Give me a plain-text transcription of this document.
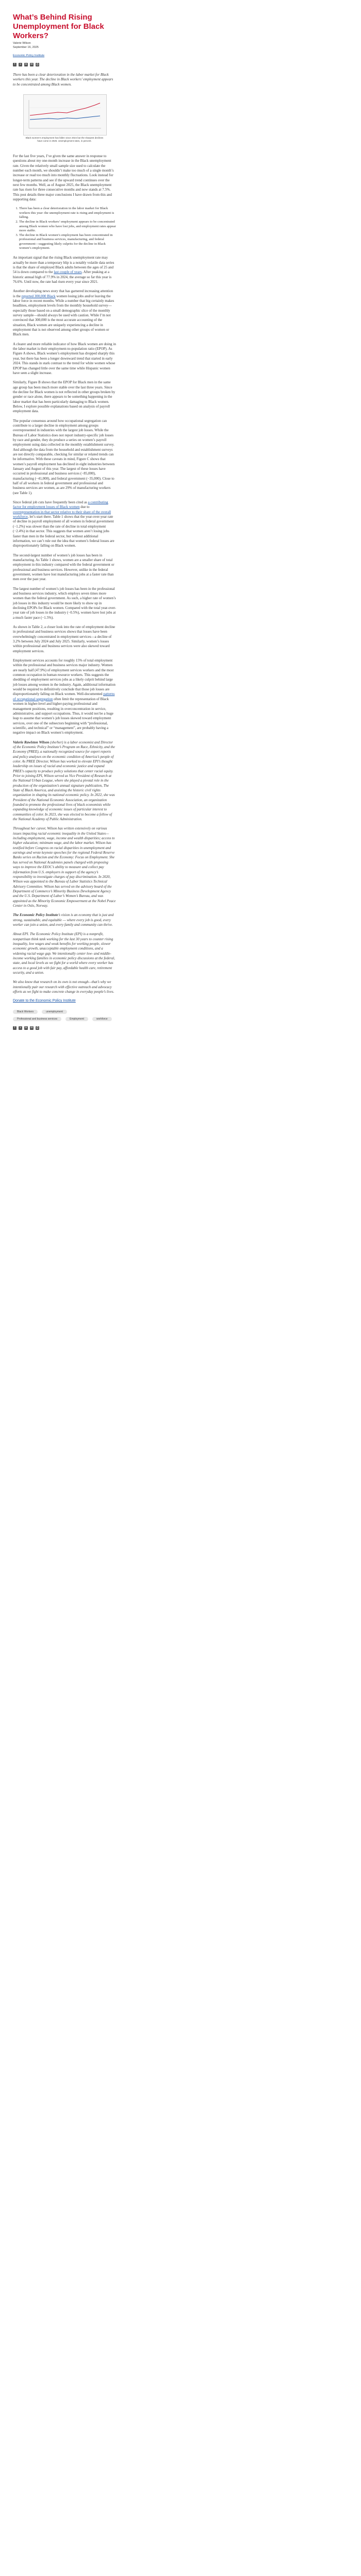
What’s Behind Rising Unemployment for Black Workers?
Valerie Wilson
September 16, 2025
Economic Policy Institute
f	x	in	✉ ⎙

There has been a clear deterioration in the labor market for Black workers this year. The decline in Black workers’ employment appears to be concentrated among Black women.

Black women’s employment has fallen since 2024 but the sharpest declines have come in 2025. Unemployment rates, in percent.

For the last five years, I’ve given the same answer in response to questions about my one-month increase in the Black unemployment rate. Given the relatively small sample size used to calculate the number each month, we shouldn’t make too much of a single month’s increase or read too much into monthly fluctuations. Look instead for longer-term patterns and see if the upward trend continues over the next few months. Well, as of August 2025, the Black unemployment rate has risen for three consecutive months and now stands at 7.5%. This post details three major conclusions I have drawn from this and supporting data:

1. There has been a clear deterioration in the labor market for Black workers this year: the unemployment rate is rising and employment is falling.
2. The decline in Black workers’ employment appears to be concentrated among Black women who have lost jobs, and employment rates appear more stable.
3. The decline in Black women’s employment has been concentrated in professional and business services, manufacturing, and federal government—suggesting likely culprits for the decline in Black women’s employment.

An important signal that the rising Black unemployment rate may actually be more than a temporary blip is a notably volatile data series is that the share of employed Black adults between the ages of 25 and 54 is down compared to the last couple of years. After peaking at a historic annual high of 77.9% in 2024, the average so far this year is 76.6%. Until now, the rate had risen every year since 2021.

Another developing news story that has garnered increasing attention is the reported 300,000 Black women losing jobs and/or leaving the labor force in recent months. While a number that big certainly makes headlines, employment levels from the monthly household survey—especially those based on a small demographic slice of the monthly survey sample—should always be used with caution. While I’m not convinced that 300,000 is the most accurate accounting of the situation, Black women are uniquely experiencing a decline in employment that is not observed among other groups of women or Black men.

A clearer and more reliable indicator of how Black women are doing in the labor market is their employment-to-population ratio (EPOP). As Figure A shows, Black women’s employment has dropped sharply this year, but there has been a longer downward trend that started in early 2024. This stands in stark contrast to the trend for white women whose EPOP has changed little over the same time while Hispanic women have seen a slight increase.

Similarly, Figure B shows that the EPOP for Black men in the same age group has been much more stable over the last three years. Since the decline for Black women is not reflected in other groups broken by gender or race alone, there appears to be something happening in the labor market that has been particularly damaging to Black women. Below, I explore possible explanations based on analysis of payroll employment data.

The popular consensus around how occupational segregation can contribute to a larger decline in employment among groups overrepresented in industries with the largest job losses. While the Bureau of Labor Statistics does not report industry-specific job losses by race and gender, they do produce a series on women’s payroll employment using data collected in the monthly establishment survey. And although the data from the household and establishment surveys are not directly comparable, checking for similar or related trends can be informative. With these caveats in mind, Figure C shows that women’s payroll employment has declined in eight industries between January and August of this year. The largest of these losses have occurred in professional and business services (−85,000), manufacturing (−41,000), and federal government (−35,000). Close to half of all workers in federal government and professional and business services are women, as are 29% of manufacturing workers (see Table 1).

Since federal job cuts have frequently been cited as a contributing factor for employment losses of Black women due to overrepresentation in that sector relative to their share of the overall workforce, let’s start there. Table 1 shows that the year-over-year rate of decline in payroll employment of all women in federal government (−1.2%) was slower than the rate of decline in total employment (−2.4%) in that sector. This suggests that women aren’t losing jobs faster than men in the federal sector, but without additional information, we can’t rule out the idea that women’s federal losses are disproportionately falling on Black women.

The second-largest number of women’s job losses has been in manufacturing. As Table 1 shows, women are a smaller share of total employment in this industry compared with the federal government or professional and business services. However, unlike in the federal government, women have lost manufacturing jobs at a faster rate than men over the past year.

The largest number of women’s job losses has been in the professional and business services industry, which employs seven times more women than the federal government. As such, a higher rate of women’s job losses in this industry would be more likely to show up in declining EPOPs for Black women. Compared with the total year-over-year rate of job losses in the industry (−0.5%), women have lost jobs at a much faster pace (−1.5%).

As shown in Table 2, a closer look into the rate of employment decline in professional and business services shows that losses have been overwhelmingly concentrated in employment services—a decline of 3.2% between July 2024 and July 2025. Similarly, women’s losses within professional and business services were also skewed toward employment services.

Employment services accounts for roughly 15% of total employment within the professional and business services major industry. Women are nearly half (47.9%) of employment services workers and the most common occupation in human resource workers. This suggests the shedding of employment services jobs as a likely culprit behind large job losses among women in the industry. Again, additional information would be required to definitively conclude that those job losses are disproportionately falling on Black women. Well-documented patterns of occupational segregation often limit the representation of Black women in higher-level and higher-paying professional and management positions, resulting in overconcentration in service, administrative, and support occupations. Thus, it would not be a huge leap to assume that women’s job losses skewed toward employment services, over one of the subsectors beginning with “professional, scientific, and technical” or “management”, are probably having a negative impact on Black women’s employment.

Valerie Rawlston Wilson (she/her) is a labor economist and Director of the Economic Policy Institute’s Program on Race, Ethnicity, and the Economy (PREE), a nationally recognized source for expert reports and policy analyses on the economic condition of America’s people of color. As PREE Director, Wilson has worked to elevate EPI’s thought leadership on issues of racial and economic justice and expand PREE’s capacity to produce policy solutions that center racial equity. Prior to joining EPI, Wilson served as Vice President of Research at the National Urban League, where she played a pivotal role in the production of the organization’s annual signature publication, The State of Black America, and assisting the historic civil rights organization in shaping its national economic policy. In 2022, she was President of the National Economic Association, an organization founded to promote the professional lives of black economists while expanding knowledge of economic issues of particular interest to communities of color. In 2023, she was elected to become a fellow of the National Academy of Public Administration.

Throughout her career, Wilson has written extensively on various issues impacting racial economic inequality in the United States—including employment, wage, income and wealth disparities; access to higher education; minimum wage, and the labor market. Wilson has testified before Congress on racial disparities in unemployment and earnings and wrote keynote speeches for the regional Federal Reserve Banks series on Racism and the Economy: Focus on Employment. She has served on National Academies panels charged with proposing ways to improve the EEOC’s ability to measure and collect pay information from U.S. employers in support of the agency’s responsibility to investigate charges of pay discrimination. In 2020, Wilson was appointed to the Bureau of Labor Statistics Technical Advisory Committee. Wilson has served on the advisory board of the Department of Commerce’s Minority Business Development Agency and the U.S. Department of Labor’s Women’s Bureau, and was appointed as the Minority Economic Empowerment at the Nobel Peace Center in Oslo, Norway.

The Economic Policy Institute’s vision is an economy that is just and strong, sustainable, and equitable — where every job is good, every worker can join a union, and every family and community can thrive.

About EPI. The Economic Policy Institute (EPI) is a nonprofit, nonpartisan think tank working for the last 30 years to counter rising inequality, low wages and weak benefits for working people, slower economic growth, unacceptable employment conditions, and a widening racial wage gap. We intentionally center low- and middle-income working families in economic policy discussions at the federal, state, and local levels as we fight for a world where every worker has access to a good job with fair pay, affordable health care, retirement security, and a union.

We also know that research on its own is not enough—that’s why we intentionally pair our research with effective outreach and advocacy efforts as we fight to make concrete change in everyday people’s lives.

Donate to the Economic Policy Institute
Black Workers	unemployment
Professional and business services	Employment	workforce
f	x	in	✉ ⎙
